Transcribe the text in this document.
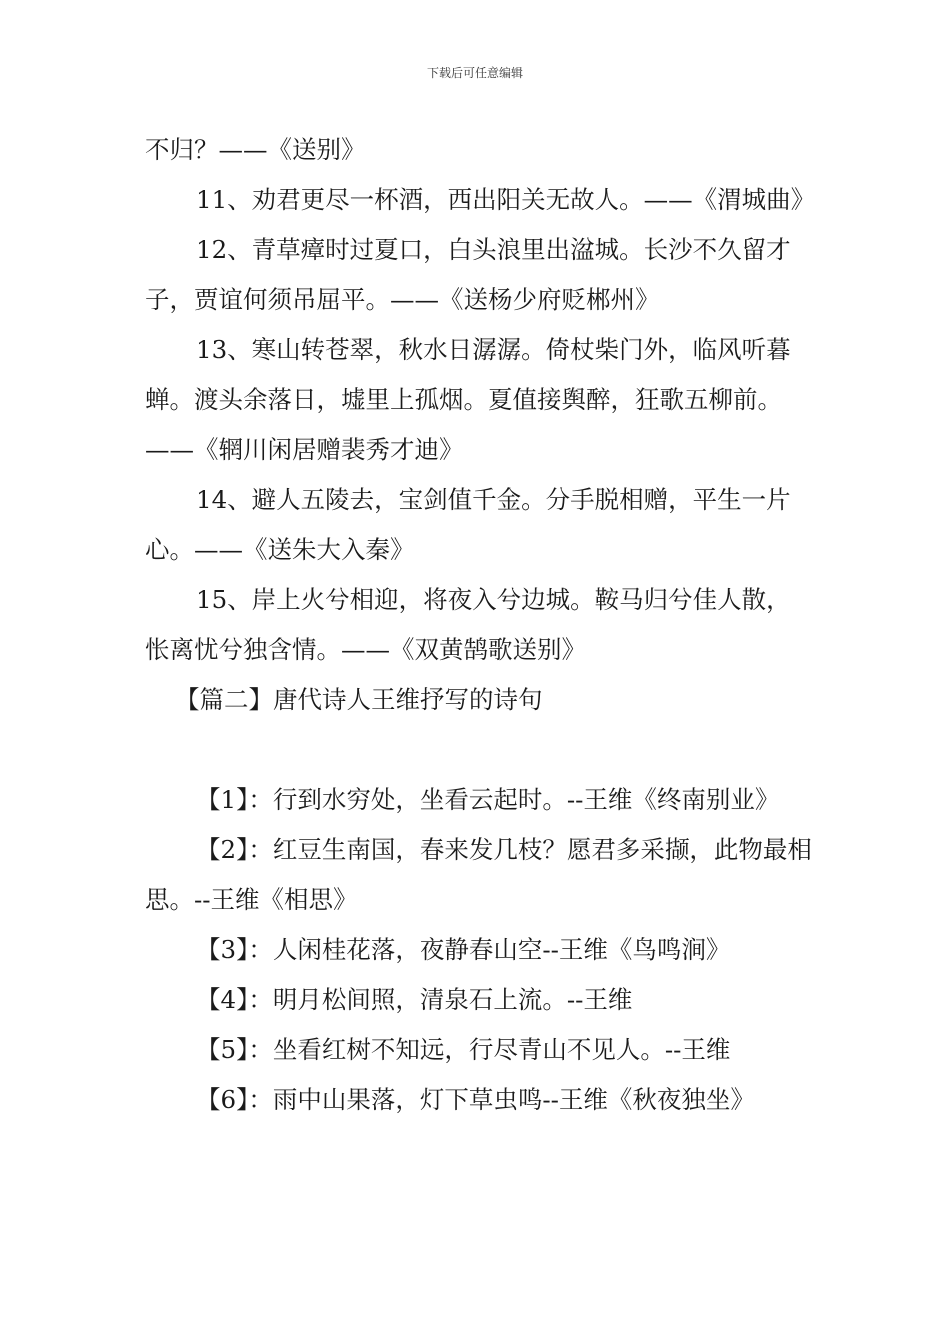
下载后可任意编辑

不归？——《送别》

11、劝君更尽一杯酒，西出阳关无故人。——《渭城曲》

12、青草瘴时过夏口，白头浪里出湓城。长沙不久留才子，贾谊何须吊屈平。——《送杨少府贬郴州》

13、寒山转苍翠，秋水日潺潺。倚杖柴门外，临风听暮蝉。渡头余落日，墟里上孤烟。夏值接舆醉，狂歌五柳前。——《辋川闲居赠裴秀才迪》

14、避人五陵去，宝剑值千金。分手脱相赠，平生一片心。——《送朱大入秦》

15、岸上火兮相迎，将夜入兮边城。鞍马归兮佳人散，怅离忧兮独含情。——《双黄鹄歌送别》

【篇二】唐代诗人王维抒写的诗句

【1】：行到水穷处，坐看云起时。--王维《终南别业》

【2】：红豆生南国，春来发几枝？愿君多采撷，此物最相思。--王维《相思》

【3】：人闲桂花落，夜静春山空--王维《鸟鸣涧》

【4】：明月松间照，清泉石上流。--王维

【5】：坐看红树不知远，行尽青山不见人。--王维

【6】：雨中山果落，灯下草虫鸣--王维《秋夜独坐》
